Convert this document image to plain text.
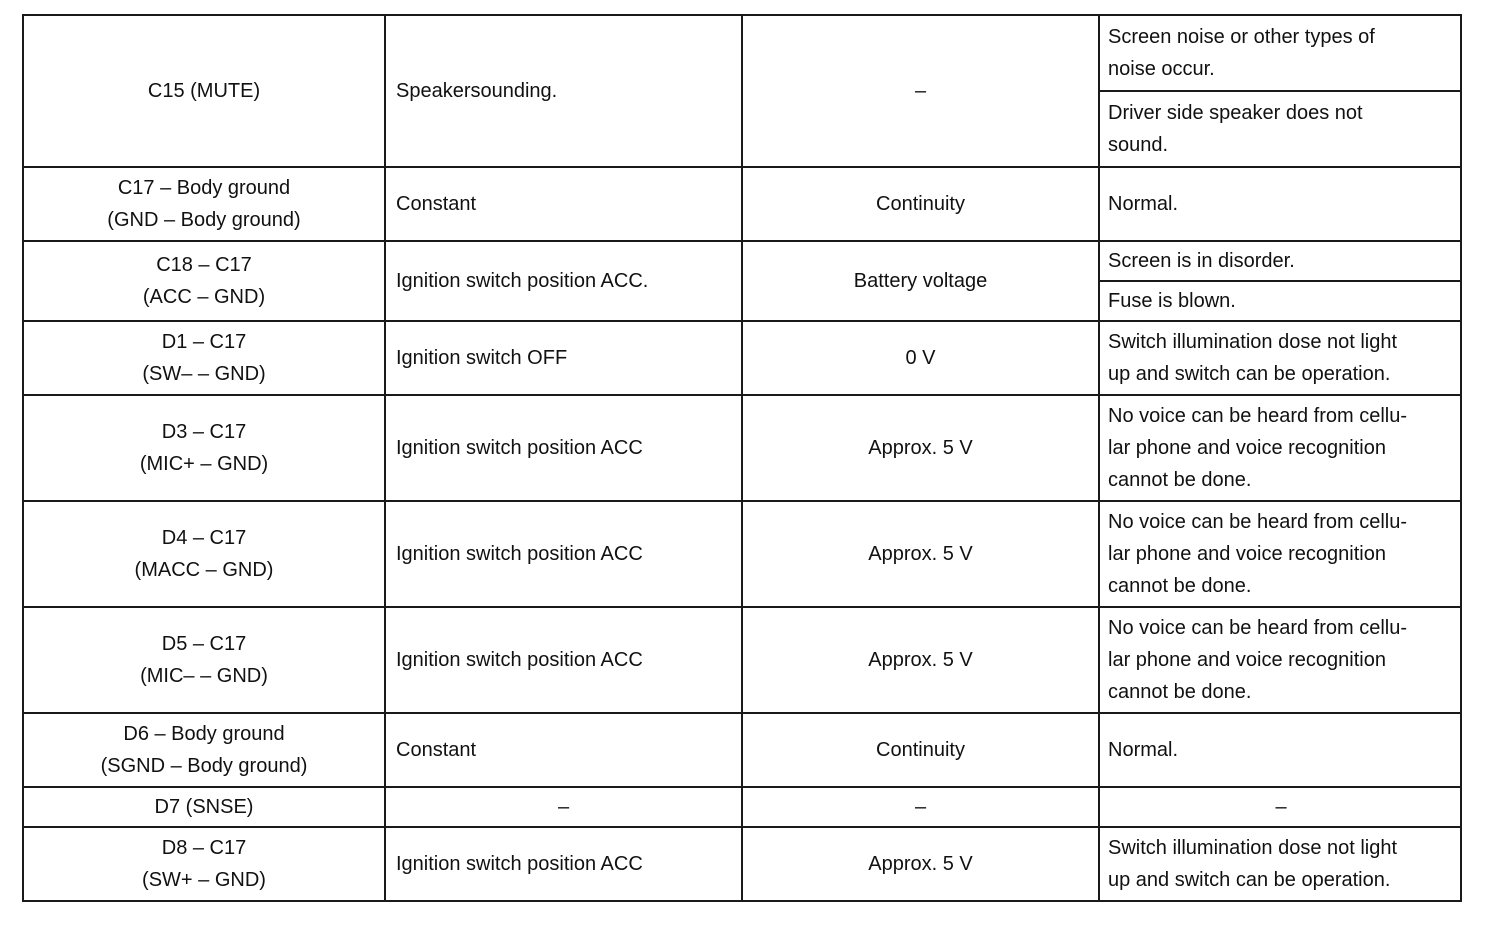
C15 (MUTE)	Speakersounding.	–	Screen noise or other types of
noise occur.

			Driver side speaker does not
sound.

C17 – Body ground
(GND – Body ground)	Constant	Continuity	Normal.

C18 – C17
(ACC – GND)	Ignition switch position ACC.	Battery voltage	Screen is in disorder.

			Fuse is blown.

D1 – C17
(SW– – GND)	Ignition switch OFF	0 V	Switch illumination dose not light
up and switch can be operation.

D3 – C17
(MIC+ – GND)	Ignition switch position ACC	Approx. 5 V	No voice can be heard from cellu-
lar phone and voice recognition
cannot be done.

D4 – C17
(MACC – GND)	Ignition switch position ACC	Approx. 5 V	No voice can be heard from cellu-
lar phone and voice recognition
cannot be done.

D5 – C17
(MIC– – GND)	Ignition switch position ACC	Approx. 5 V	No voice can be heard from cellu-
lar phone and voice recognition
cannot be done.

D6 – Body ground
(SGND – Body ground)	Constant	Continuity	Normal.

D7 (SNSE)	–	–	–

D8 – C17
(SW+ – GND)	Ignition switch position ACC	Approx. 5 V	Switch illumination dose not light
up and switch can be operation.
